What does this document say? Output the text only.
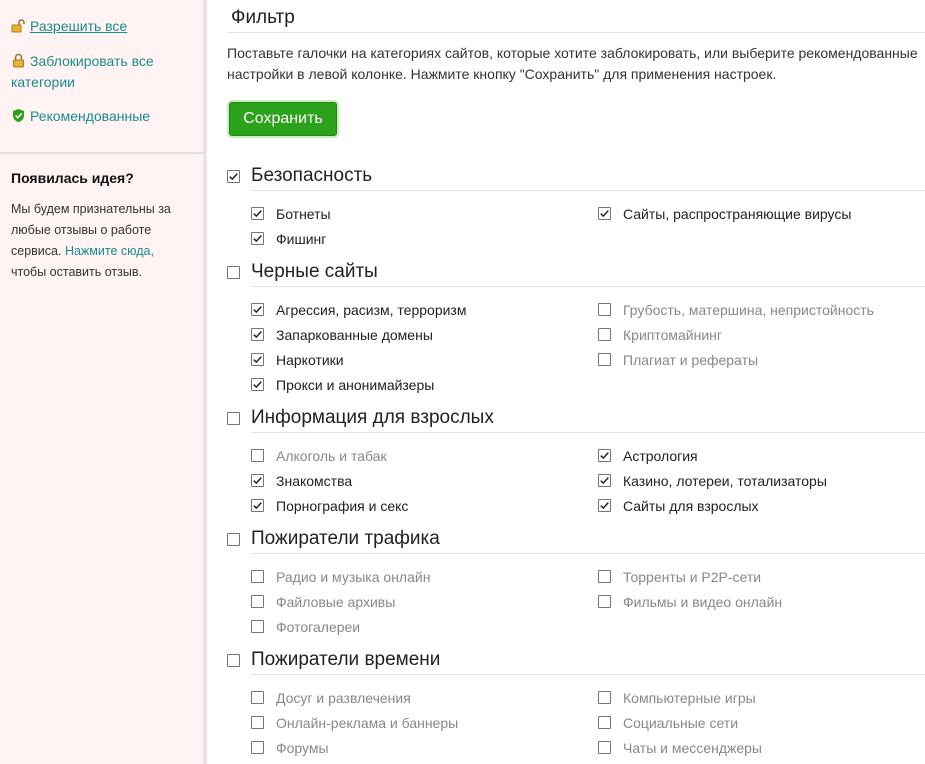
Разрешить все
Заблокировать все
категории
Рекомендованные
Появилась идея?
Мы будем признательны за
любые отзывы о работе
сервиса. Нажмите сюда,
чтобы оставить отзыв.
Фильтр
Поставьте галочки на категориях сайтов, которые хотите заблокировать, или выберите рекомендованные
настройки в левой колонке. Нажмите кнопку "Сохранить" для применения настроек.
Сохранить
Безопасность
Ботнеты	Сайты, распространяющие вирусы
Фишинг
Черные сайты
Агрессия, расизм, терроризм	Грубость, матершина, непристойность
Запаркованные домены	Криптомайнинг
Наркотики	Плагиат и рефераты
Прокси и анонимайзеры
Информация для взрослых
Алкоголь и табак	Астрология
Знакомства	Казино, лотереи, тотализаторы
Порнография и секс	Сайты для взрослых
Пожиратели трафика
Радио и музыка онлайн	Торренты и P2P-сети
Файловые архивы	Фильмы и видео онлайн
Фотогалереи
Пожиратели времени
Досуг и развлечения	Компьютерные игры
Онлайн-реклама и баннеры	Социальные сети
Форумы	Чаты и мессенджеры
